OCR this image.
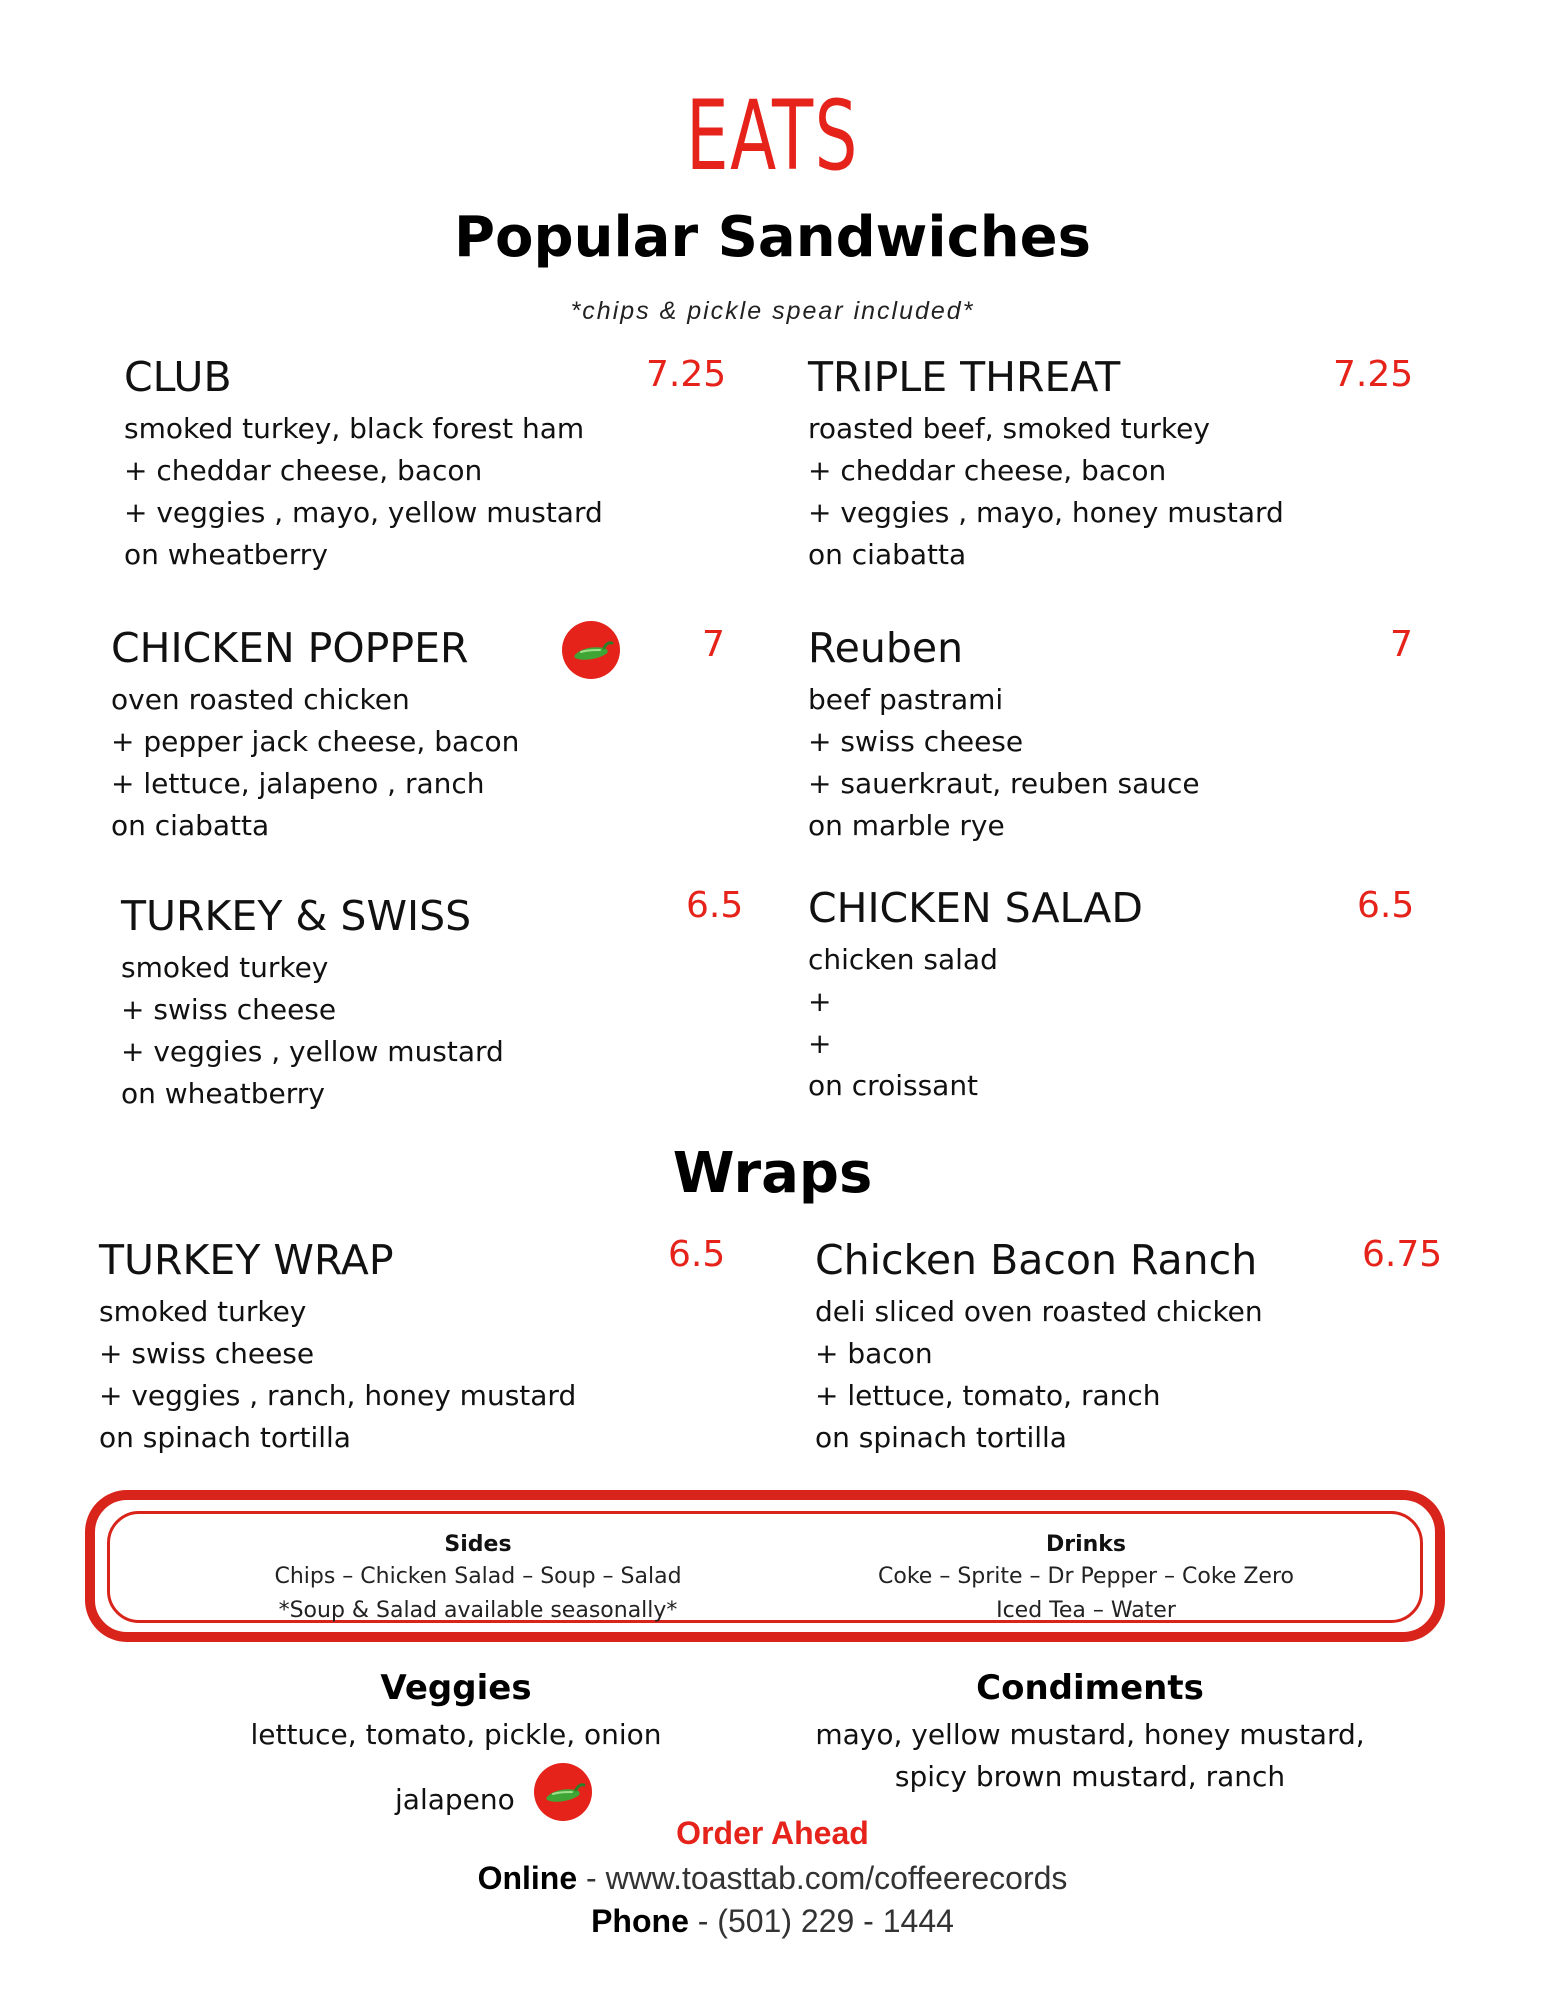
EATS
Popular Sandwiches
*chips & pickle spear included*
CLUB
smoked turkey, black forest ham
+ cheddar cheese, bacon
+ veggies , mayo, yellow mustard
on wheatberry
7.25 TRIPLE THREAT
roasted beef, smoked turkey
+ cheddar cheese, bacon
+ veggies , mayo, honey mustard
on ciabatta
7.25
CHICKEN POPPER
oven roasted chicken
+ pepper jack cheese, bacon
+ lettuce, jalapeno , ranch
on ciabatta
7 Reuben
beef pastrami
+ swiss cheese
+ sauerkraut, reuben sauce
on marble rye
7
TURKEY & SWISS
smoked turkey
+ swiss cheese
+ veggies , yellow mustard
on wheatberry
6.5 CHICKEN SALAD
chicken salad
+
+
on croissant
6.5
Wraps
TURKEY WRAP
smoked turkey
+ swiss cheese
+ veggies , ranch, honey mustard
on spinach tortilla
6.5 Chicken Bacon Ranch
deli sliced oven roasted chicken
+ bacon
+ lettuce, tomato, ranch
on spinach tortilla
6.75
Sides
Chips – Chicken Salad – Soup – Salad
*Soup & Salad available seasonally*
Drinks
Coke – Sprite – Dr Pepper – Coke Zero
Iced Tea – Water
Veggies
lettuce, tomato, pickle, onion
jalapeno
Condiments
mayo, yellow mustard, honey mustard,
spicy brown mustard, ranch
Order Ahead
Online - www.toasttab.com/coffeerecords
Phone - (501) 229 - 1444
